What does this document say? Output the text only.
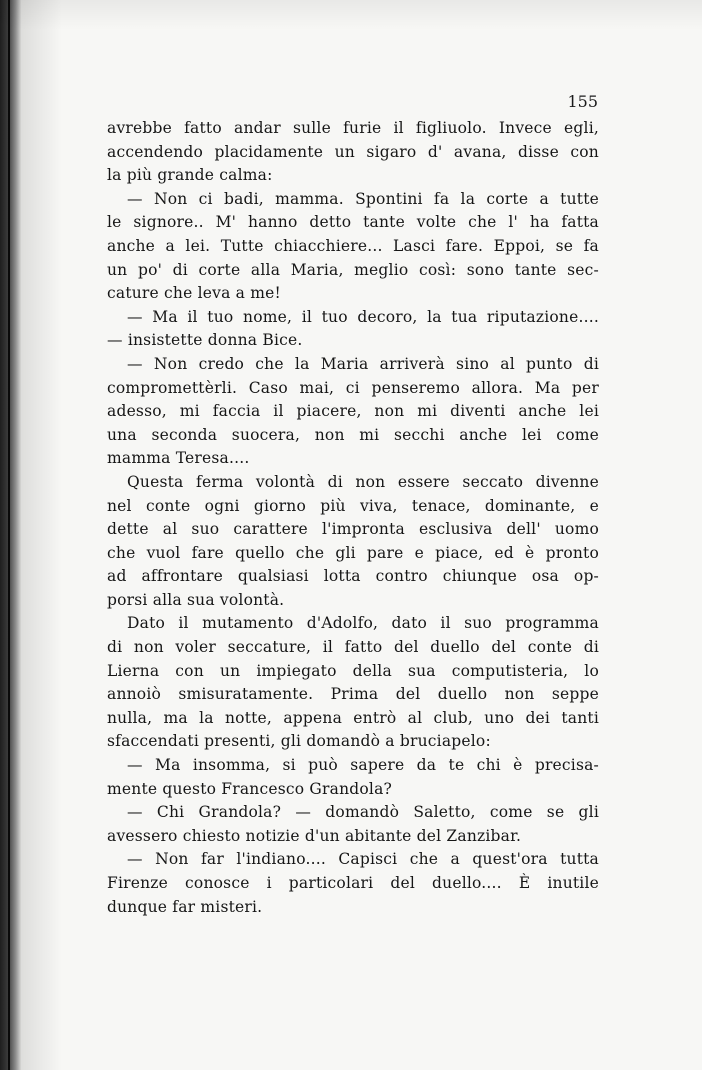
155
avrebbe fatto andar sulle furie il figliuolo. Invece egli,
accendendo placidamente un sigaro d' avana, disse con
la più grande calma:
— Non ci badi, mamma. Spontini fa la corte a tutte
le signore.. M' hanno detto tante volte che l' ha fatta
anche a lei. Tutte chiacchiere... Lasci fare. Eppoi, se fa
un po' di corte alla Maria, meglio così: sono tante sec-
cature che leva a me!
— Ma il tuo nome, il tuo decoro, la tua riputazione....
— insistette donna Bice.
— Non credo che la Maria arriverà sino al punto di
compromettèrli. Caso mai, ci penseremo allora. Ma per
adesso, mi faccia il piacere, non mi diventi anche lei
una seconda suocera, non mi secchi anche lei come
mamma Teresa....
Questa ferma volontà di non essere seccato divenne
nel conte ogni giorno più viva, tenace, dominante, e
dette al suo carattere l'impronta esclusiva dell' uomo
che vuol fare quello che gli pare e piace, ed è pronto
ad affrontare qualsiasi lotta contro chiunque osa op-
porsi alla sua volontà.
Dato il mutamento d'Adolfo, dato il suo programma
di non voler seccature, il fatto del duello del conte di
Lierna con un impiegato della sua computisteria, lo
annoiò smisuratamente. Prima del duello non seppe
nulla, ma la notte, appena entrò al club, uno dei tanti
sfaccendati presenti, gli domandò a bruciapelo:
— Ma insomma, si può sapere da te chi è precisa-
mente questo Francesco Grandola?
— Chi Grandola? — domandò Saletto, come se gli
avessero chiesto notizie d'un abitante del Zanzibar.
— Non far l'indiano.... Capisci che a quest'ora tutta
Firenze conosce i particolari del duello.... È inutile
dunque far misteri.
